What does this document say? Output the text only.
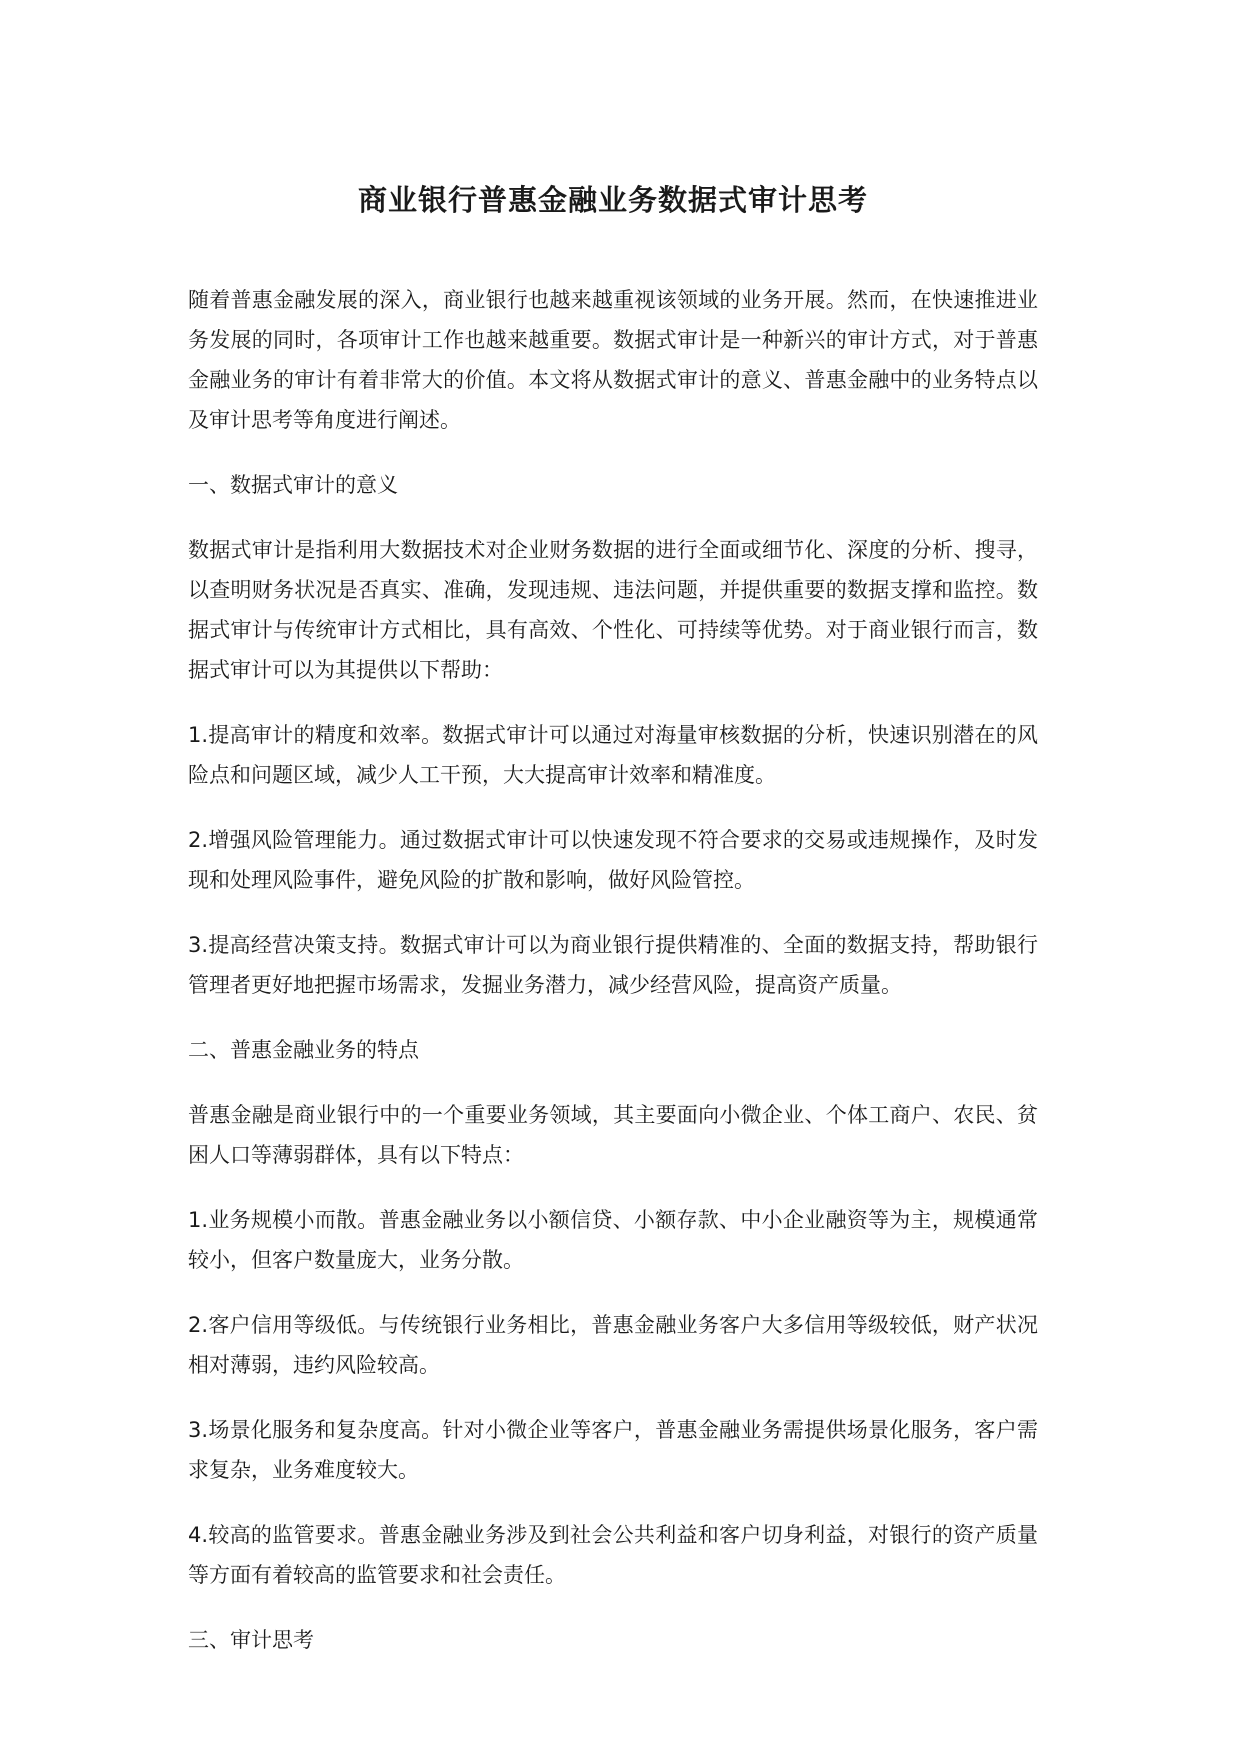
商业银行普惠金融业务数据式审计思考

随着普惠金融发展的深入，商业银行也越来越重视该领域的业务开展。然而，在快速推进业务发展的同时，各项审计工作也越来越重要。数据式审计是一种新兴的审计方式，对于普惠金融业务的审计有着非常大的价值。本文将从数据式审计的意义、普惠金融中的业务特点以及审计思考等角度进行阐述。

一、数据式审计的意义

数据式审计是指利用大数据技术对企业财务数据的进行全面或细节化、深度的分析、搜寻，以查明财务状况是否真实、准确，发现违规、违法问题，并提供重要的数据支撑和监控。数据式审计与传统审计方式相比，具有高效、个性化、可持续等优势。对于商业银行而言，数据式审计可以为其提供以下帮助：

1.提高审计的精度和效率。数据式审计可以通过对海量审核数据的分析，快速识别潜在的风险点和问题区域，减少人工干预，大大提高审计效率和精准度。

2.增强风险管理能力。通过数据式审计可以快速发现不符合要求的交易或违规操作，及时发现和处理风险事件，避免风险的扩散和影响，做好风险管控。

3.提高经营决策支持。数据式审计可以为商业银行提供精准的、全面的数据支持，帮助银行管理者更好地把握市场需求，发掘业务潜力，减少经营风险，提高资产质量。

二、普惠金融业务的特点

普惠金融是商业银行中的一个重要业务领域，其主要面向小微企业、个体工商户、农民、贫困人口等薄弱群体，具有以下特点：

1.业务规模小而散。普惠金融业务以小额信贷、小额存款、中小企业融资等为主，规模通常较小，但客户数量庞大，业务分散。

2.客户信用等级低。与传统银行业务相比，普惠金融业务客户大多信用等级较低，财产状况相对薄弱，违约风险较高。

3.场景化服务和复杂度高。针对小微企业等客户，普惠金融业务需提供场景化服务，客户需求复杂，业务难度较大。

4.较高的监管要求。普惠金融业务涉及到社会公共利益和客户切身利益，对银行的资产质量等方面有着较高的监管要求和社会责任。

三、审计思考
